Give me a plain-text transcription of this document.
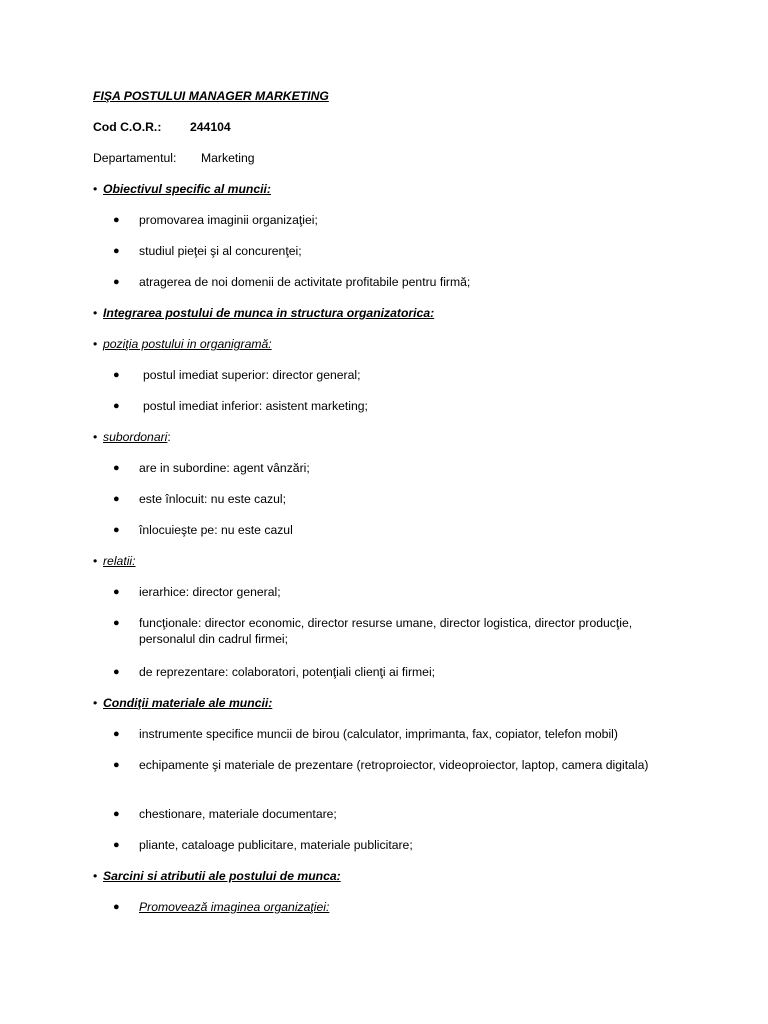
FIŞA POSTULUI MANAGER MARKETING
Cod C.O.R.: 244104
Departamentul: Marketing
• Obiectivul specific al muncii:
● promovarea imaginii organizaţiei;
● studiul pieţei şi al concurenţei;
● atragerea de noi domenii de activitate profitabile pentru firmă;
• Integrarea postului de munca in structura organizatorica:
• poziţia postului in organigramă:
● postul imediat superior: director general;
● postul imediat inferior: asistent marketing;
• subordonari:
● are in subordine: agent vânzări;
● este înlocuit: nu este cazul;
● înlocuieşte pe: nu este cazul
• relatii:
● ierarhice: director general;
● funcţionale: director economic, director resurse umane, director logistica, director producţie, personalul din cadrul firmei;
● de reprezentare: colaboratori, potenţiali clienţi ai firmei;
• Condiţii materiale ale muncii:
● instrumente specifice muncii de birou (calculator, imprimanta, fax, copiator, telefon mobil)
● echipamente şi materiale de prezentare (retroproiector, videoproiector, laptop, camera digitala)
● chestionare, materiale documentare;
● pliante, cataloage publicitare, materiale publicitare;
• Sarcini si atributii ale postului de munca:
● Promovează imaginea organizaţiei:
